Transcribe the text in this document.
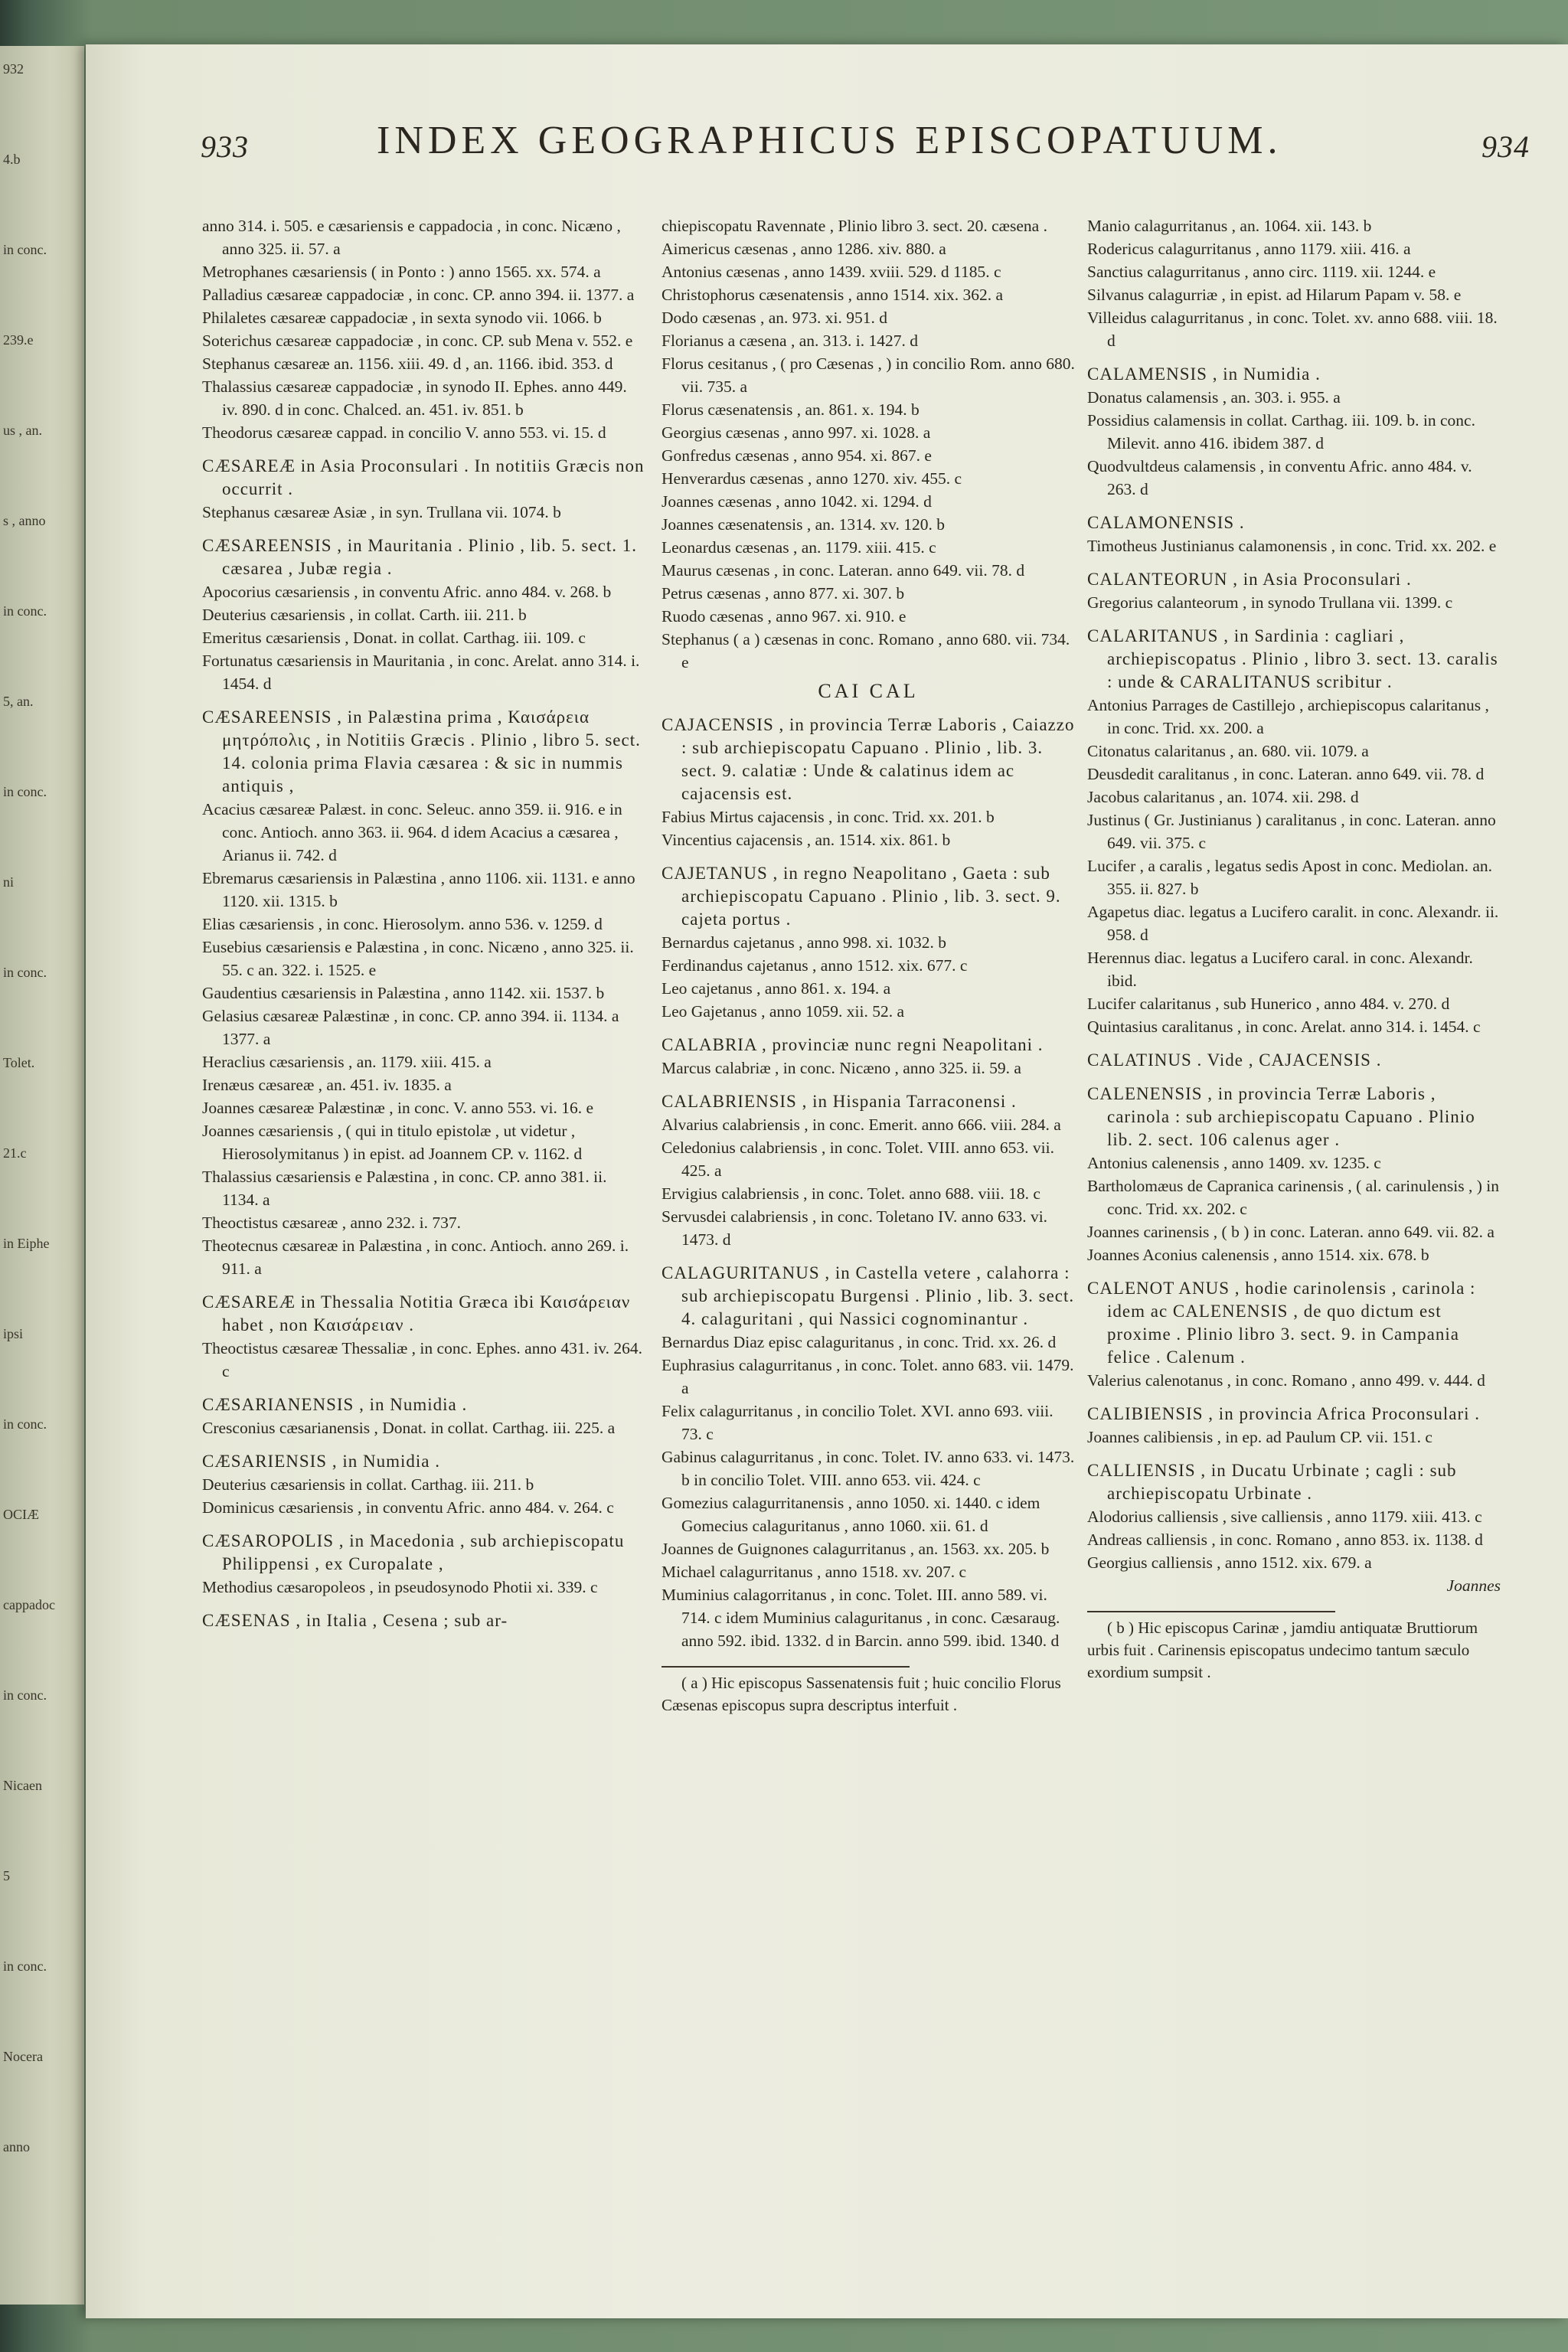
932
4.b
in conc.
239.e
us , an.
s , anno
in conc.
5, an.
in conc.
ni
in conc.
Tolet.
21.c
in Eiphe
ipsi
in conc.
OCIÆ
cappadoc
in conc.
Nicaen
5
in conc.
Nocera
anno
933	INDEX GEOGRAPHICUS EPISCOPATUUM.	934

anno 314. i. 505. e cæsariensis e cappadocia , in conc. Nicæno , anno 325. ii. 57. a

Metrophanes cæsariensis ( in Ponto : ) anno 1565. xx. 574. a

Palladius cæsareæ cappadociæ , in conc. CP. anno 394. ii. 1377. a

Philaletes cæsareæ cappadociæ , in sexta synodo vii. 1066. b

Soterichus cæsareæ cappadociæ , in conc. CP. sub Mena v. 552. e

Stephanus cæsareæ an. 1156. xiii. 49. d , an. 1166. ibid. 353. d

Thalassius cæsareæ cappadociæ , in synodo II. Ephes. anno 449. iv. 890. d in conc. Chalced. an. 451. iv. 851. b

Theodorus cæsareæ cappad. in concilio V. anno 553. vi. 15. d

CÆSAREÆ in Asia Proconsulari . In notitiis Græcis non occurrit .

Stephanus cæsareæ Asiæ , in syn. Trullana vii. 1074. b

CÆSAREENSIS , in Mauritania . Plinio , lib. 5. sect. 1. cæsarea , Jubæ regia .

Apocorius cæsariensis , in conventu Afric. anno 484. v. 268. b

Deuterius cæsariensis , in collat. Carth. iii. 211. b

Emeritus cæsariensis , Donat. in collat. Carthag. iii. 109. c

Fortunatus cæsariensis in Mauritania , in conc. Arelat. anno 314. i. 1454. d

CÆSAREENSIS , in Palæstina prima , Καισάρεια μητρόπολις , in Notitiis Græcis . Plinio , libro 5. sect. 14. colonia prima Flavia cæsarea : & sic in nummis antiquis ,

Acacius cæsareæ Palæst. in conc. Seleuc. anno 359. ii. 916. e in conc. Antioch. anno 363. ii. 964. d idem Acacius a cæsarea , Arianus ii. 742. d

Ebremarus cæsariensis in Palæstina , anno 1106. xii. 1131. e anno 1120. xii. 1315. b

Elias cæsariensis , in conc. Hierosolym. anno 536. v. 1259. d

Eusebius cæsariensis e Palæstina , in conc. Nicæno , anno 325. ii. 55. c an. 322. i. 1525. e

Gaudentius cæsariensis in Palæstina , anno 1142. xii. 1537. b

Gelasius cæsareæ Palæstinæ , in conc. CP. anno 394. ii. 1134. a 1377. a

Heraclius cæsariensis , an. 1179. xiii. 415. a

Irenæus cæsareæ , an. 451. iv. 1835. a

Joannes cæsareæ Palæstinæ , in conc. V. anno 553. vi. 16. e

Joannes cæsariensis , ( qui in titulo epistolæ , ut videtur , Hierosolymitanus ) in epist. ad Joannem CP. v. 1162. d

Thalassius cæsariensis e Palæstina , in conc. CP. anno 381. ii. 1134. a

Theoctistus cæsareæ , anno 232. i. 737.

Theotecnus cæsareæ in Palæstina , in conc. Antioch. anno 269. i. 911. a

CÆSAREÆ in Thessalia Notitia Græca ibi Καισάρειαν habet , non Καισάρειαν .

Theoctistus cæsareæ Thessaliæ , in conc. Ephes. anno 431. iv. 264. c

CÆSARIANENSIS , in Numidia .

Cresconius cæsarianensis , Donat. in collat. Carthag. iii. 225. a

CÆSARIENSIS , in Numidia .

Deuterius cæsariensis in collat. Carthag. iii. 211. b

Dominicus cæsariensis , in conventu Afric. anno 484. v. 264. c

CÆSAROPOLIS , in Macedonia , sub archiepiscopatu Philippensi , ex Curopalate ,

Methodius cæsaropoleos , in pseudosynodo Photii xi. 339. c

CÆSENAS , in Italia , Cesena ; sub ar-

chiepiscopatu Ravennate , Plinio libro 3. sect. 20. cæsena .

Aimericus cæsenas , anno 1286. xiv. 880. a

Antonius cæsenas , anno 1439. xviii. 529. d 1185. c

Christophorus cæsenatensis , anno 1514. xix. 362. a

Dodo cæsenas , an. 973. xi. 951. d

Florianus a cæsena , an. 313. i. 1427. d

Florus cesitanus , ( pro Cæsenas , ) in concilio Rom. anno 680. vii. 735. a

Florus cæsenatensis , an. 861. x. 194. b

Georgius cæsenas , anno 997. xi. 1028. a

Gonfredus cæsenas , anno 954. xi. 867. e

Henverardus cæsenas , anno 1270. xiv. 455. c

Joannes cæsenas , anno 1042. xi. 1294. d

Joannes cæsenatensis , an. 1314. xv. 120. b

Leonardus cæsenas , an. 1179. xiii. 415. c

Maurus cæsenas , in conc. Lateran. anno 649. vii. 78. d

Petrus cæsenas , anno 877. xi. 307. b

Ruodo cæsenas , anno 967. xi. 910. e

Stephanus ( a ) cæsenas in conc. Romano , anno 680. vii. 734. e

CAI CAL

CAJACENSIS , in provincia Terræ Laboris , Caiazzo : sub archiepiscopatu Capuano . Plinio , lib. 3. sect. 9. calatiæ : Unde & calatinus idem ac cajacensis est.

Fabius Mirtus cajacensis , in conc. Trid. xx. 201. b

Vincentius cajacensis , an. 1514. xix. 861. b

CAJETANUS , in regno Neapolitano , Gaeta : sub archiepiscopatu Capuano . Plinio , lib. 3. sect. 9. cajeta portus .

Bernardus cajetanus , anno 998. xi. 1032. b

Ferdinandus cajetanus , anno 1512. xix. 677. c

Leo cajetanus , anno 861. x. 194. a

Leo Gajetanus , anno 1059. xii. 52. a

CALABRIA , provinciæ nunc regni Neapolitani .

Marcus calabriæ , in conc. Nicæno , anno 325. ii. 59. a

CALABRIENSIS , in Hispania Tarraconensi .

Alvarius calabriensis , in conc. Emerit. anno 666. viii. 284. a

Celedonius calabriensis , in conc. Tolet. VIII. anno 653. vii. 425. a

Ervigius calabriensis , in conc. Tolet. anno 688. viii. 18. c

Servusdei calabriensis , in conc. Toletano IV. anno 633. vi. 1473. d

CALAGURITANUS , in Castella vetere , calahorra : sub archiepiscopatu Burgensi . Plinio , lib. 3. sect. 4. calaguritani , qui Nassici cognominantur .

Bernardus Diaz episc calaguritanus , in conc. Trid. xx. 26. d

Euphrasius calagurritanus , in conc. Tolet. anno 683. vii. 1479. a

Felix calagurritanus , in concilio Tolet. XVI. anno 693. viii. 73. c

Gabinus calagurritanus , in conc. Tolet. IV. anno 633. vi. 1473. b in concilio Tolet. VIII. anno 653. vii. 424. c

Gomezius calagurritanensis , anno 1050. xi. 1440. c idem Gomecius calaguritanus , anno 1060. xii. 61. d

Joannes de Guignones calagurritanus , an. 1563. xx. 205. b

Michael calagurritanus , anno 1518. xv. 207. c

Muminius calagorritanus , in conc. Tolet. III. anno 589. vi. 714. c idem Muminius calaguritanus , in conc. Cæsaraug. anno 592. ibid. 1332. d in Barcin. anno 599. ibid. 1340. d

( a ) Hic episcopus Sassenatensis fuit ; huic concilio Florus Cæsenas episcopus supra descriptus interfuit .

Manio calagurritanus , an. 1064. xii. 143. b

Rodericus calagurritanus , anno 1179. xiii. 416. a

Sanctius calagurritanus , anno circ. 1119. xii. 1244. e

Silvanus calagurriæ , in epist. ad Hilarum Papam v. 58. e

Villeidus calagurritanus , in conc. Tolet. xv. anno 688. viii. 18. d

CALAMENSIS , in Numidia .

Donatus calamensis , an. 303. i. 955. a

Possidius calamensis in collat. Carthag. iii. 109. b. in conc. Milevit. anno 416. ibidem 387. d

Quodvultdeus calamensis , in conventu Afric. anno 484. v. 263. d

CALAMONENSIS .

Timotheus Justinianus calamonensis , in conc. Trid. xx. 202. e

CALANTEORUN , in Asia Proconsulari .

Gregorius calanteorum , in synodo Trullana vii. 1399. c

CALARITANUS , in Sardinia : cagliari , archiepiscopatus . Plinio , libro 3. sect. 13. caralis : unde & CARALITANUS scribitur .

Antonius Parrages de Castillejo , archiepiscopus calaritanus , in conc. Trid. xx. 200. a

Citonatus calaritanus , an. 680. vii. 1079. a

Deusdedit caralitanus , in conc. Lateran. anno 649. vii. 78. d

Jacobus calaritanus , an. 1074. xii. 298. d

Justinus ( Gr. Justinianus ) caralitanus , in conc. Lateran. anno 649. vii. 375. c

Lucifer , a caralis , legatus sedis Apost in conc. Mediolan. an. 355. ii. 827. b

Agapetus diac. legatus a Lucifero caralit. in conc. Alexandr. ii. 958. d

Herennus diac. legatus a Lucifero caral. in conc. Alexandr. ibid.

Lucifer calaritanus , sub Hunerico , anno 484. v. 270. d

Quintasius caralitanus , in conc. Arelat. anno 314. i. 1454. c

CALATINUS . Vide , CAJACENSIS .

CALENENSIS , in provincia Terræ Laboris , carinola : sub archiepiscopatu Capuano . Plinio lib. 2. sect. 106 calenus ager .

Antonius calenensis , anno 1409. xv. 1235. c

Bartholomæus de Capranica carinensis , ( al. carinulensis , ) in conc. Trid. xx. 202. c

Joannes carinensis , ( b ) in conc. Lateran. anno 649. vii. 82. a

Joannes Aconius calenensis , anno 1514. xix. 678. b

CALENOT ANUS , hodie carinolensis , carinola : idem ac CALENENSIS , de quo dictum est proxime . Plinio libro 3. sect. 9. in Campania felice . Calenum .

Valerius calenotanus , in conc. Romano , anno 499. v. 444. d

CALIBIENSIS , in provincia Africa Proconsulari .

Joannes calibiensis , in ep. ad Paulum CP. vii. 151. c

CALLIENSIS , in Ducatu Urbinate ; cagli : sub archiepiscopatu Urbinate .

Alodorius calliensis , sive calliensis , anno 1179. xiii. 413. c

Andreas calliensis , in conc. Romano , anno 853. ix. 1138. d

Georgius calliensis , anno 1512. xix. 679. a

Joannes

( b ) Hic episcopus Carinæ , jamdiu antiquatæ Bruttiorum urbis fuit . Carinensis episcopatus undecimo tantum sæculo exordium sumpsit .
